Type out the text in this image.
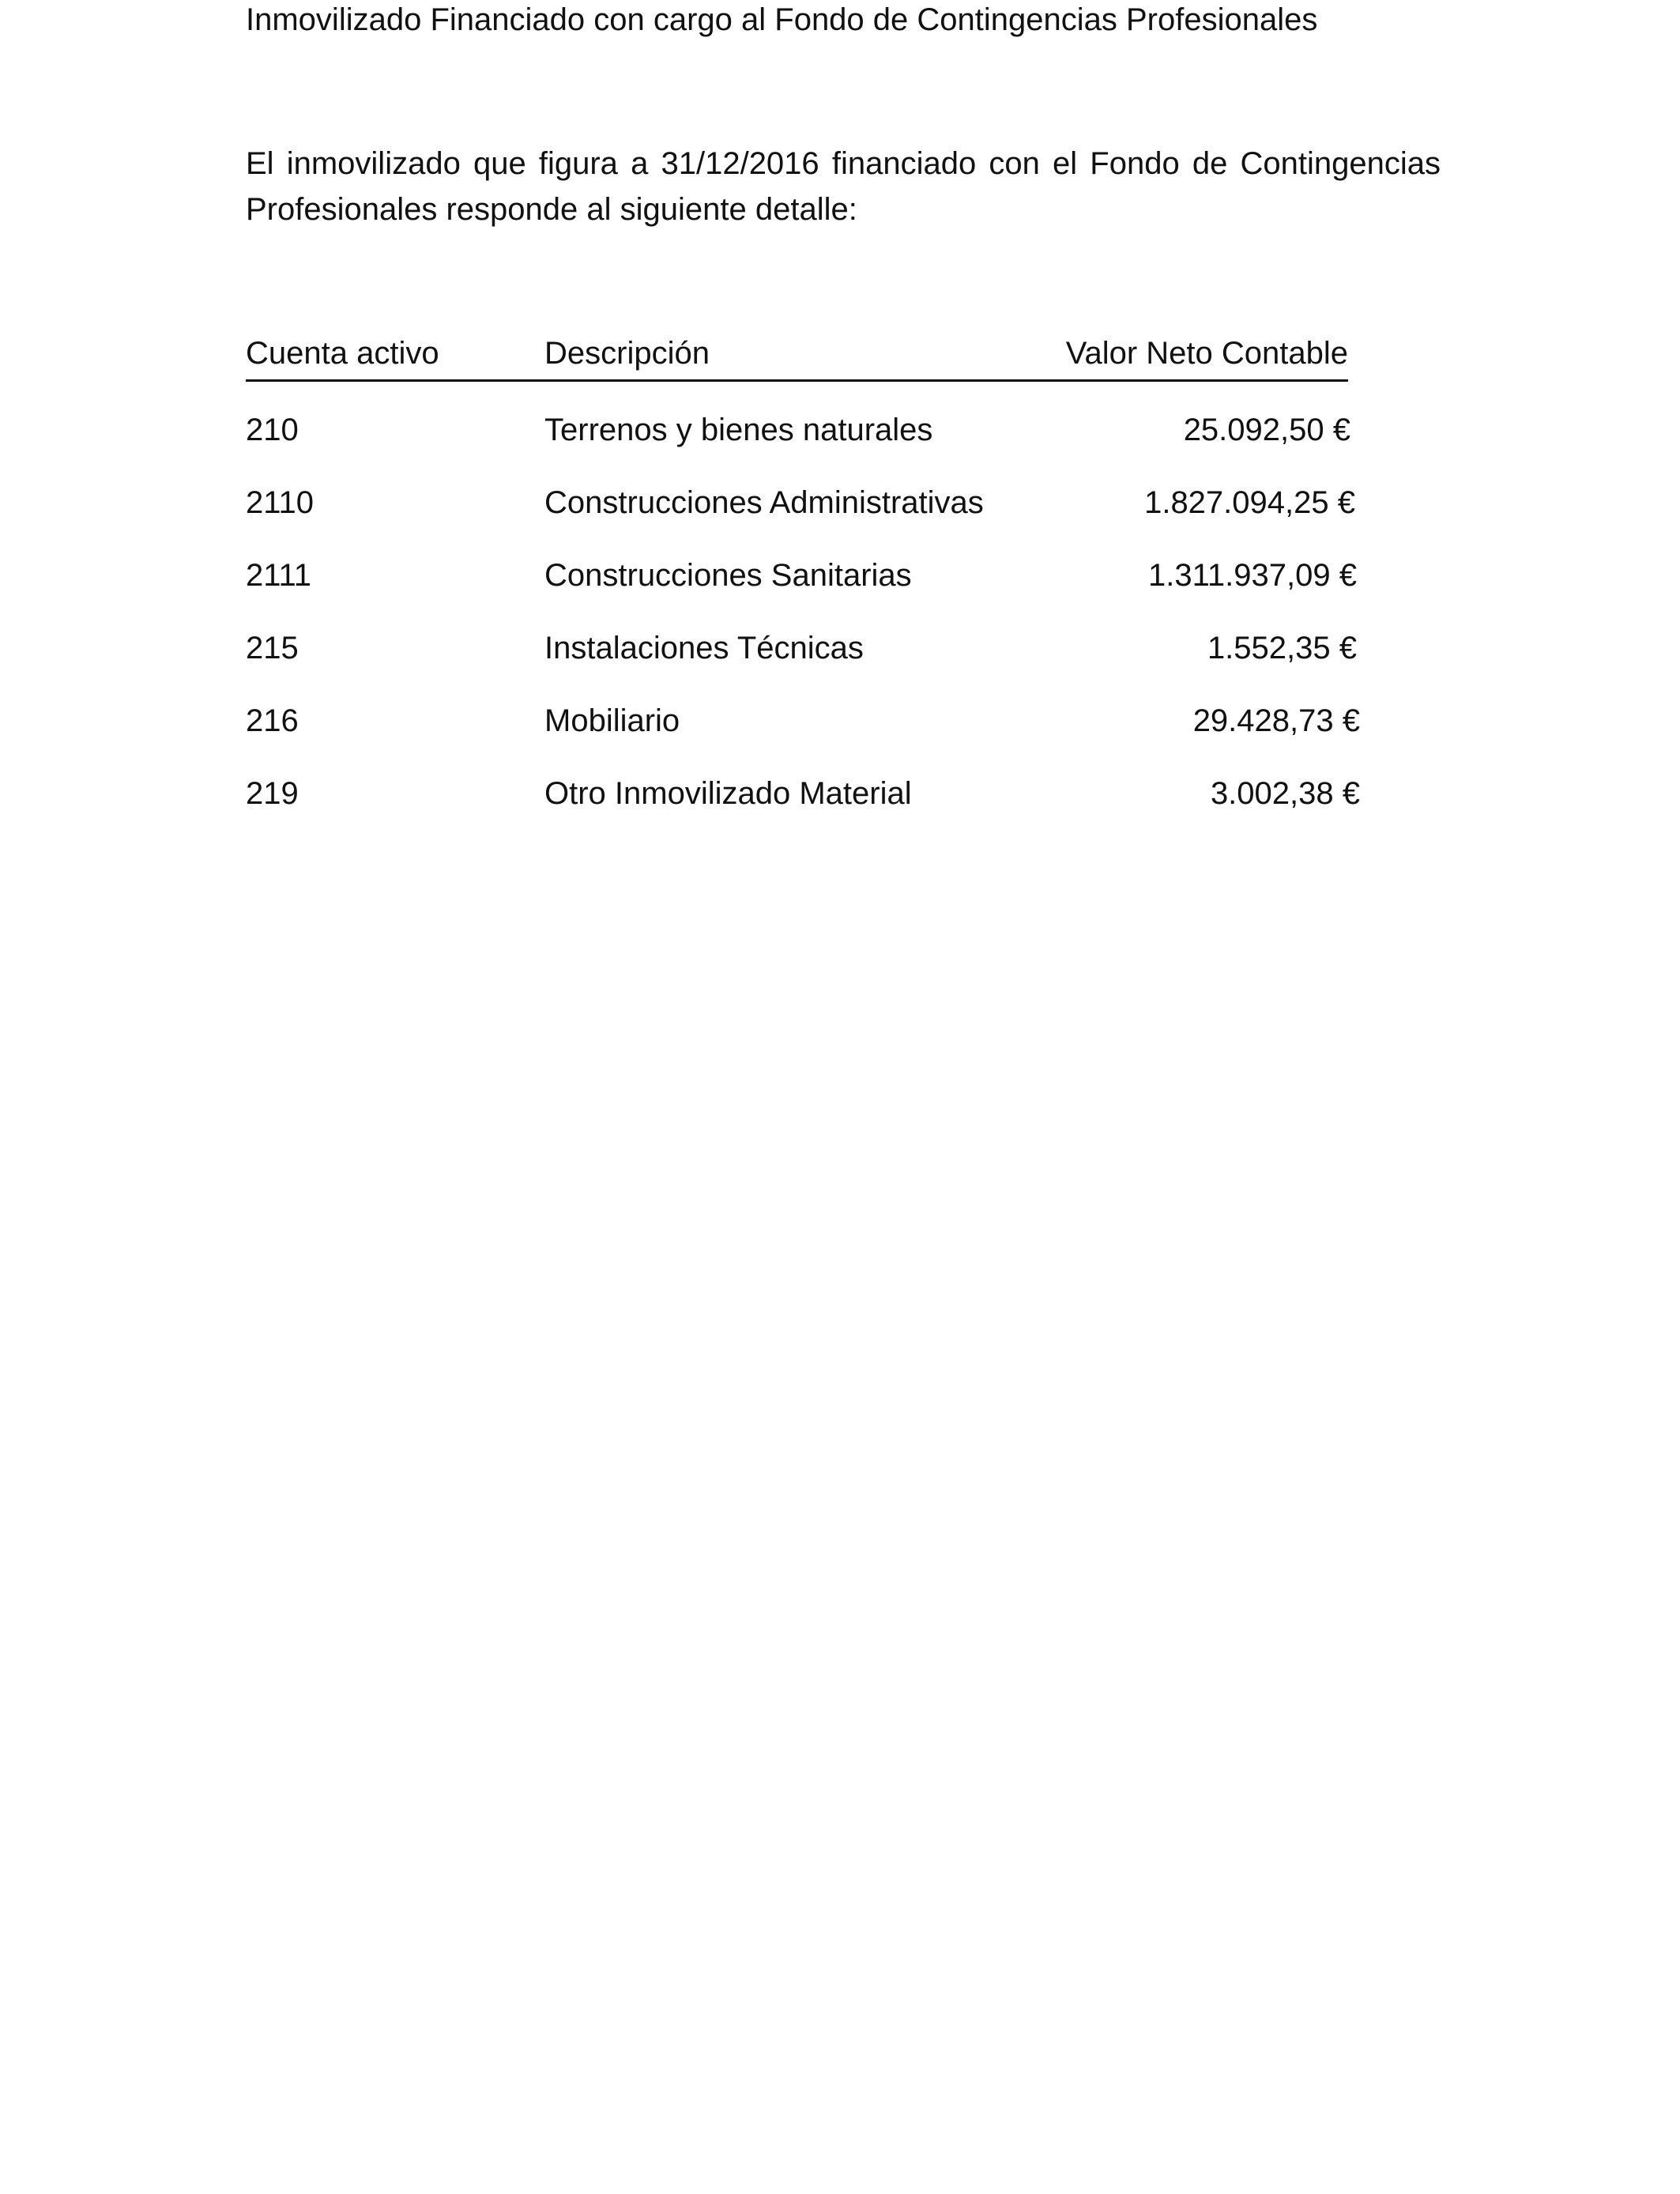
Inmovilizado Financiado con cargo al Fondo de Contingencias Profesionales

El inmovilizado que figura a 31/12/2016 financiado con el Fondo de Contingencias Profesionales responde al siguiente detalle:

Cuenta activo	Descripción	Valor Neto Contable
210	Terrenos y bienes naturales	25.092,50 €
2110	Construcciones Administrativas	1.827.094,25 €
2111	Construcciones Sanitarias	1.311.937,09 €
215	Instalaciones Técnicas	1.552,35 €
216	Mobiliario	29.428,73 €
219	Otro Inmovilizado Material	3.002,38 €
